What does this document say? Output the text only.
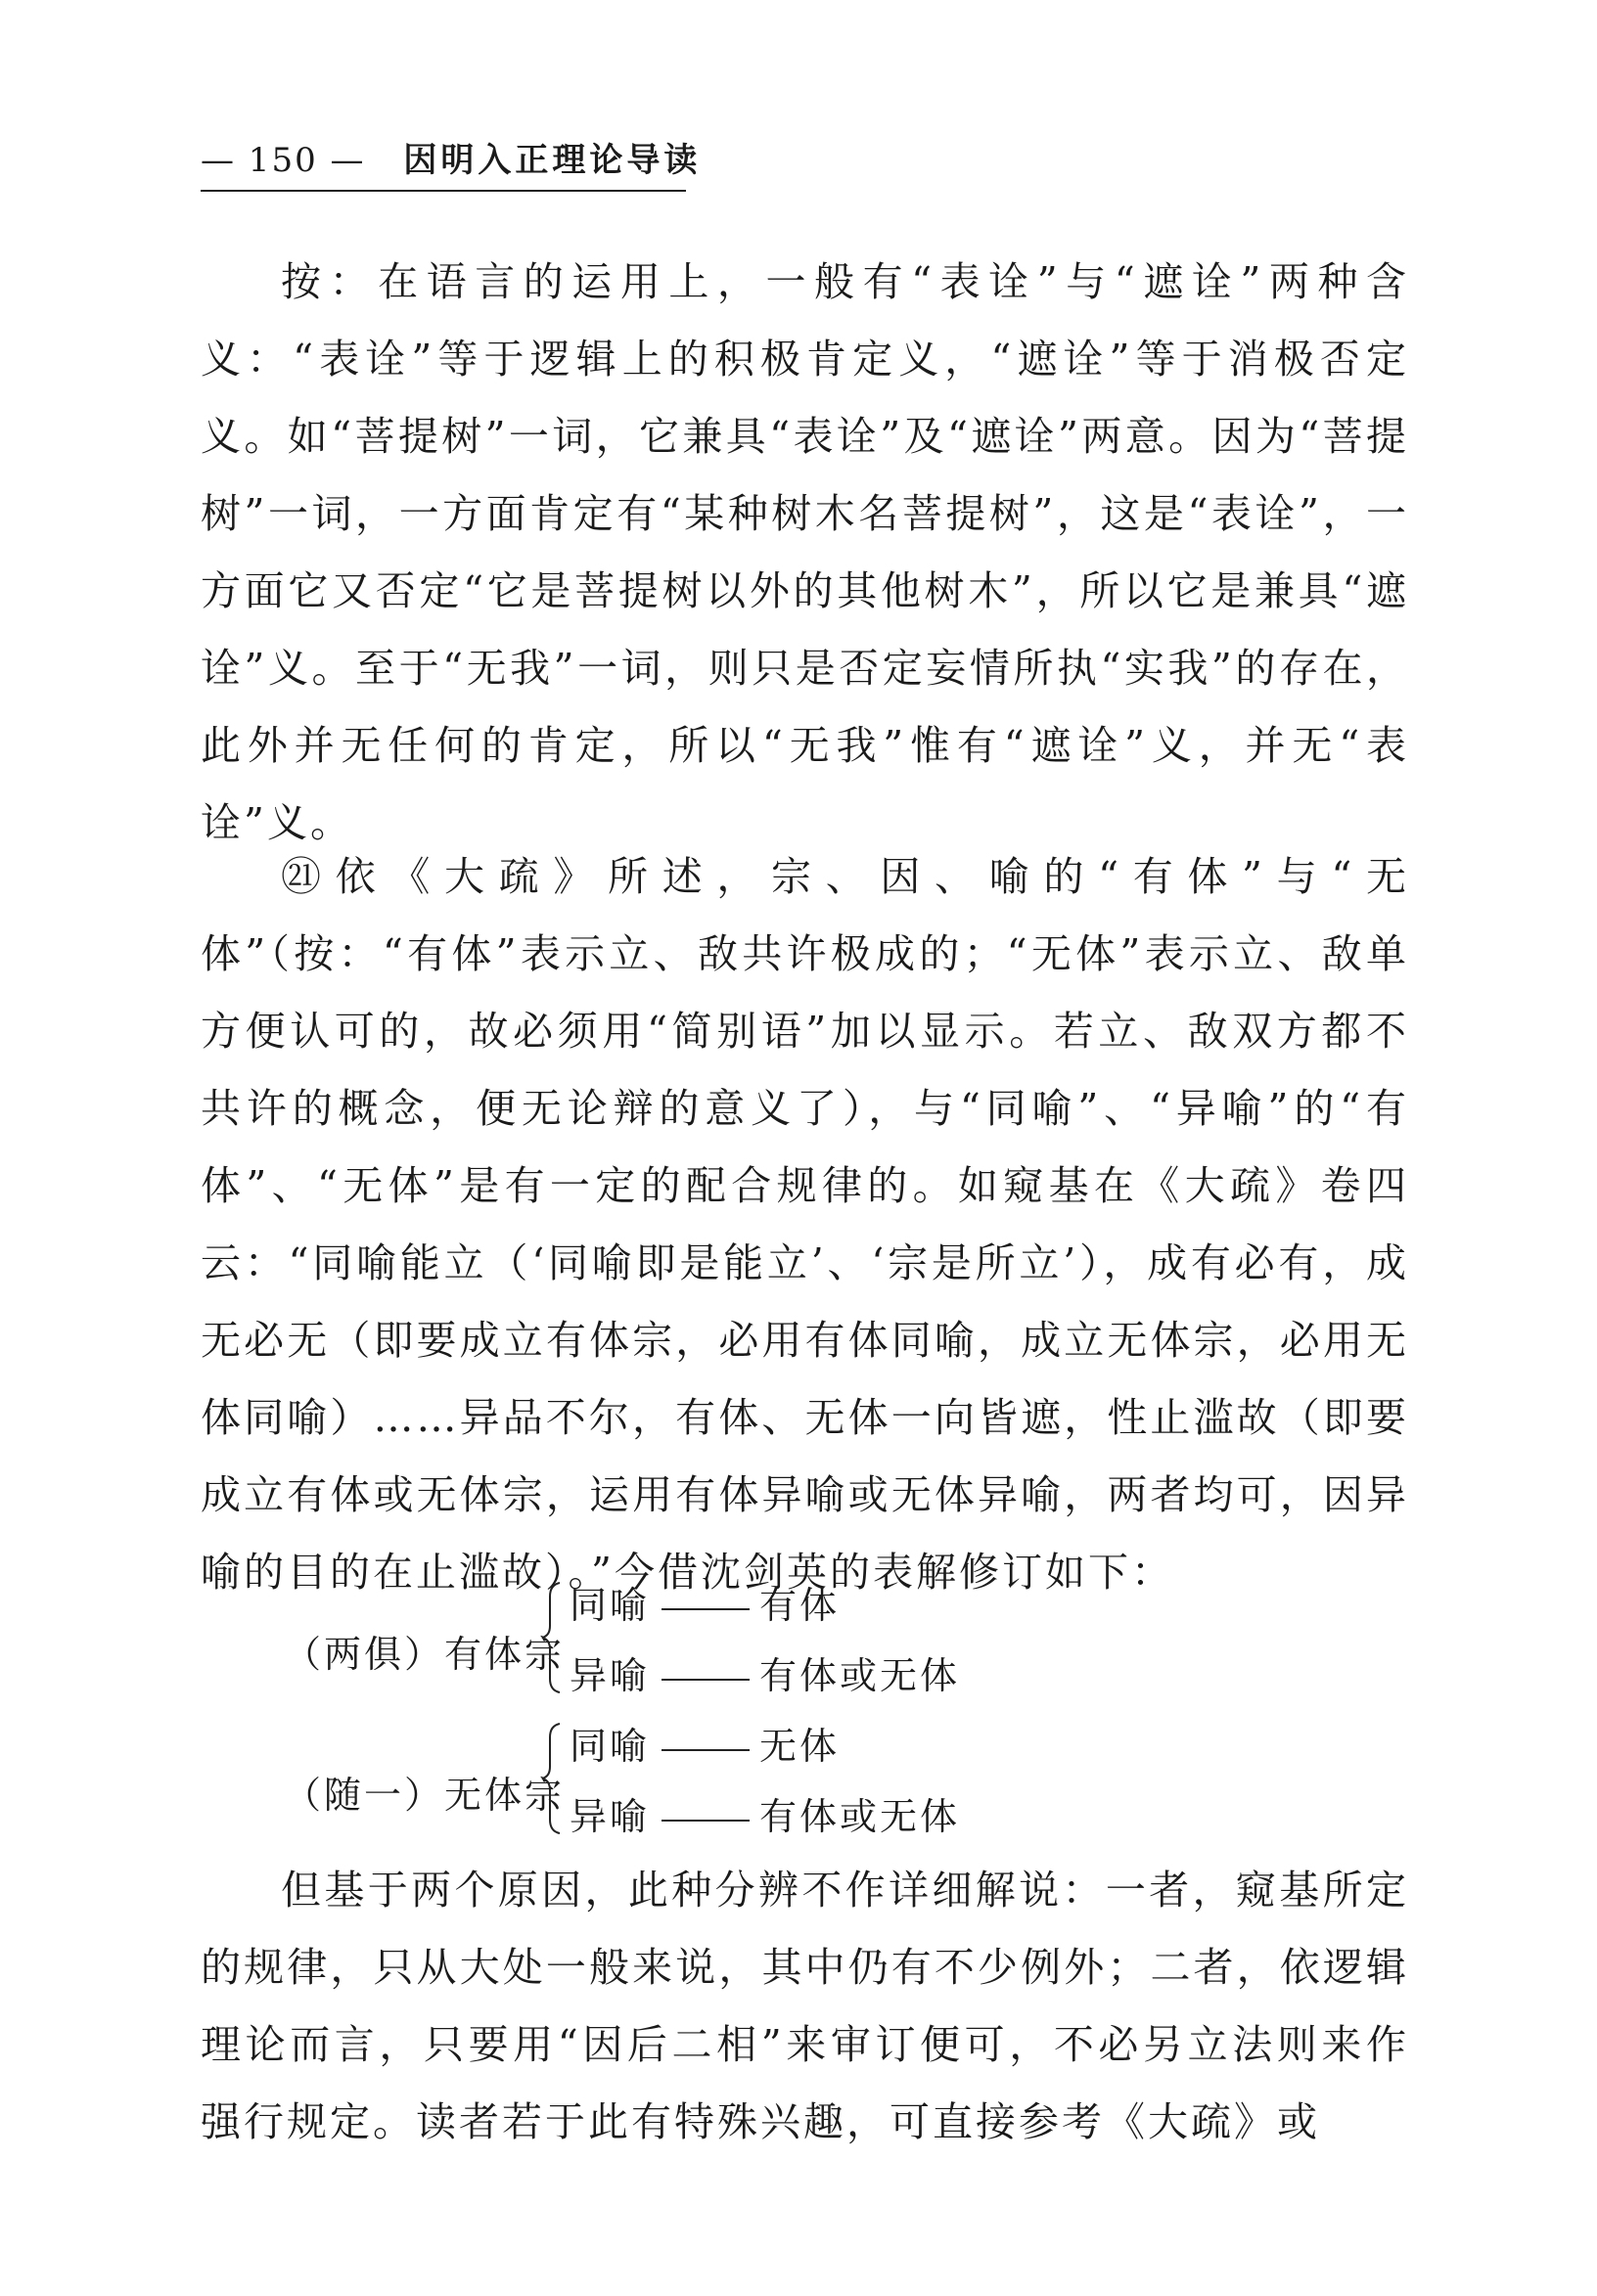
— 150 — 因明入正理论导读

按：在语言的运用上，一般有“表诠”与“遮诠”两种含义：“表诠”等于逻辑上的积极肯定义，“遮诠”等于消极否定义。如“菩提树”一词，它兼具“表诠”及“遮诠”两意。因为“菩提树”一词，一方面肯定有“某种树木名菩提树”，这是“表诠”，一方面它又否定“它是菩提树以外的其他树木”，所以它是兼具“遮诠”义。至于“无我”一词，则只是否定妄情所执“实我”的存在，此外并无任何的肯定，所以“无我”惟有“遮诠”义，并无“表诠”义。

㉑依《大疏》所述，宗、因、喻的“有体”与“无体”（按：“有体”表示立、敌共许极成的；“无体”表示立、敌单方便认可的，故必须用“简别语”加以显示。若立、敌双方都不共许的概念，便无论辩的意义了），与“同喻”、“异喻”的“有体”、“无体”是有一定的配合规律的。如窥基在《大疏》卷四云：“同喻能立（‘同喻即是能立’、‘宗是所立’），成有必有，成无必无（即要成立有体宗，必用有体同喻，成立无体宗，必用无体同喻）……异品不尔，有体、无体一向皆遮，性止滥故（即要成立有体或无体宗，运用有体异喻或无体异喻，两者均可，因异喻的目的在止滥故）。”今借沈剑英的表解修订如下：

（两俱）有体宗
同喻	有体
异喻	有体或无体
（随一）无体宗
同喻	无体
异喻	有体或无体

但基于两个原因，此种分辨不作详细解说：一者，窥基所定的规律，只从大处一般来说，其中仍有不少例外；二者，依逻辑理论而言，只要用“因后二相”来审订便可，不必另立法则来作强行规定。读者若于此有特殊兴趣，可直接参考《大疏》或
